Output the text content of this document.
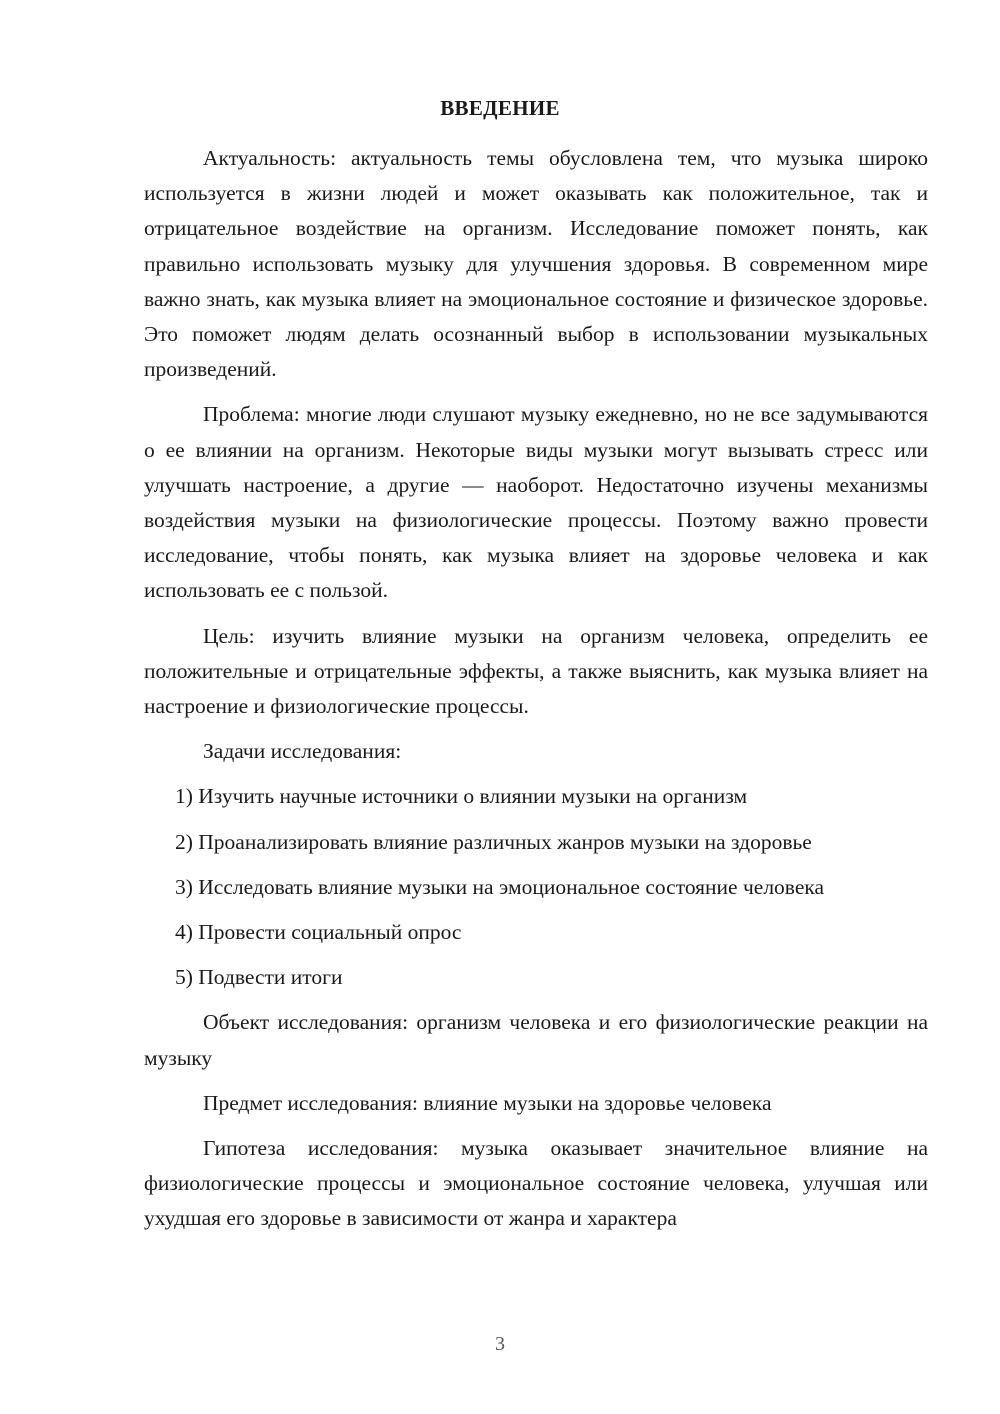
ВВЕДЕНИЕ

Актуальность: актуальность темы обусловлена тем, что музыка широко используется в жизни людей и может оказывать как положительное, так и отрицательное воздействие на организм. Исследование поможет понять, как правильно использовать музыку для улучшения здоровья. В современном мире важно знать, как музыка влияет на эмоциональное состояние и физическое здоровье. Это поможет людям делать осознанный выбор в использовании музыкальных произведений.

Проблема: многие люди слушают музыку ежедневно, но не все задумываются о ее влиянии на организм. Некоторые виды музыки могут вызывать стресс или улучшать настроение, а другие — наоборот. Недостаточно изучены механизмы воздействия музыки на физиологические процессы. Поэтому важно провести исследование, чтобы понять, как музыка влияет на здоровье человека и как использовать ее с пользой.

Цель: изучить влияние музыки на организм человека, определить ее положительные и отрицательные эффекты, а также выяснить, как музыка влияет на настроение и физиологические процессы.

Задачи исследования:

1) Изучить научные источники о влиянии музыки на организм

2) Проанализировать влияние различных жанров музыки на здоровье

3) Исследовать влияние музыки на эмоциональное состояние человека

4) Провести социальный опрос

5) Подвести итоги

Объект исследования: организм человека и его физиологические реакции на музыку

Предмет исследования: влияние музыки на здоровье человека

Гипотеза исследования: музыка оказывает значительное влияние на физиологические процессы и эмоциональное состояние человека, улучшая или ухудшая его здоровье в зависимости от жанра и характера

3
